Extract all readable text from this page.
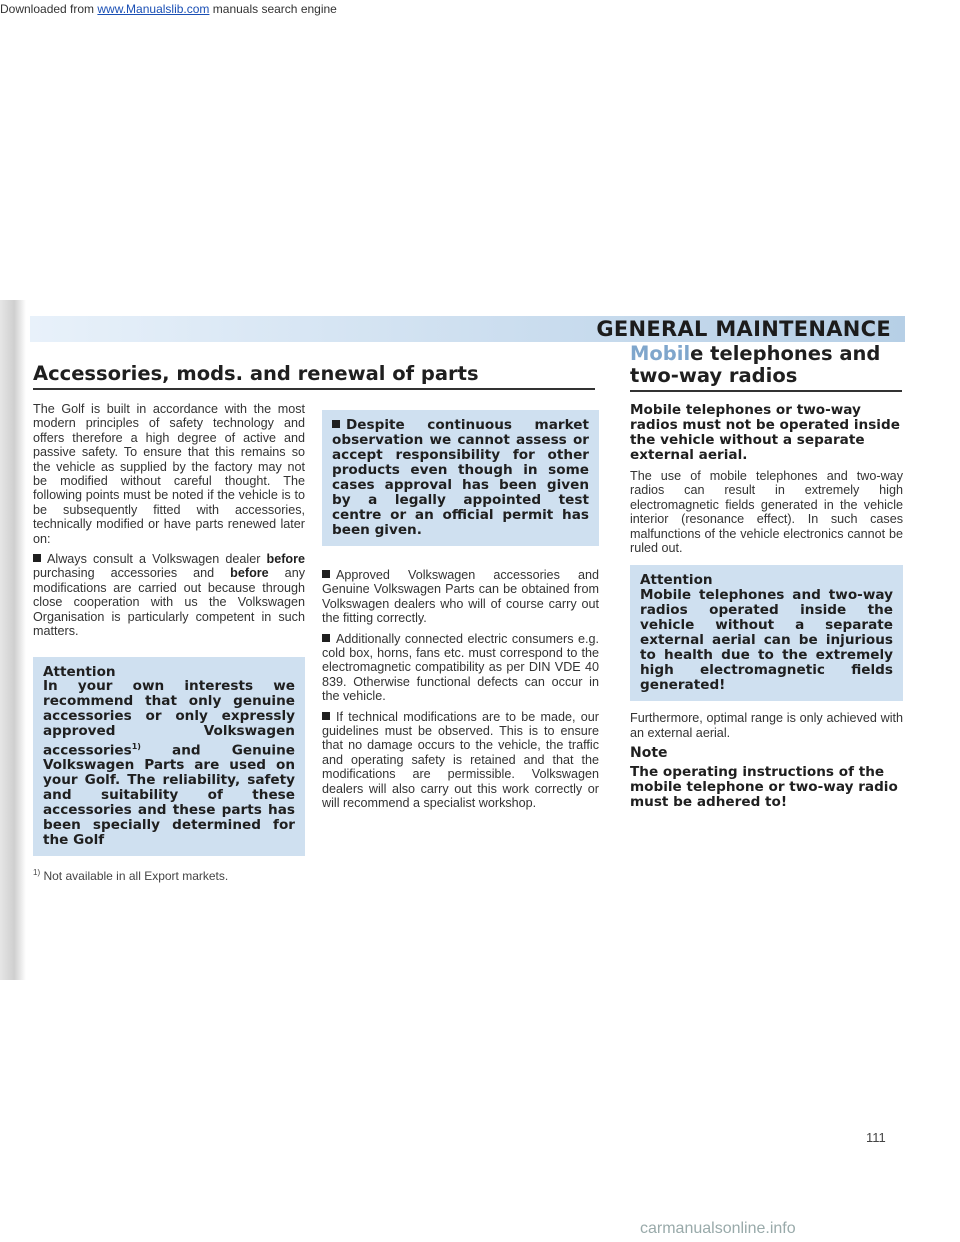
Downloaded from www.Manualslib.com manuals search engine
GENERAL MAINTENANCE
Accessories, mods. and renewal of parts
Mobile telephones and two-way radios

The Golf is built in accordance with the most modern principles of safety technology and offers therefore a high degree of active and passive safety. To ensure that this remains so the vehicle as supplied by the factory may not be modified without careful thought. The following points must be noted if the vehicle is to be subsequently fitted with accessories, technically modified or have parts renewed later on:

Always consult a Volkswagen dealer before purchasing accessories and before any modifications are carried out because through close cooperation with us the Volkswagen Organisation is particularly competent in such matters.

Attention

In your own interests we recommend that only genuine accessories or only expressly approved Volkswagen accessories$^{1)}$ and Genuine Volkswagen Parts are used on your Golf. The reliability, safety and suitability of these accessories and these parts has been specially determined for the Golf

$^{1)}$ Not available in all Export markets.

Despite continuous market observation we cannot assess or accept responsibility for other products even though in some cases approval has been given by a legally appointed test centre or an official permit has been given.

Approved Volkswagen accessories and Genuine Volkswagen Parts can be obtained from Volkswagen dealers who will of course carry out the fitting correctly.

Additionally connected electric consumers e.g. cold box, horns, fans etc. must correspond to the electromagnetic compatibility as per DIN VDE 40 839. Otherwise functional defects can occur in the vehicle.

If technical modifications are to be made, our guidelines must be observed. This is to ensure that no damage occurs to the vehicle, the traffic and operating safety is retained and that the modifications are permissible. Volkswagen dealers will also carry out this work correctly or will recommend a specialist workshop.

Mobile telephones or two-way radios must not be operated inside the vehicle without a separate external aerial.

The use of mobile telephones and two-way radios can result in extremely high electromagnetic fields generated in the vehicle interior (resonance effect). In such cases malfunctions of the vehicle electronics cannot be ruled out.

Attention

Mobile telephones and two-way radios operated inside the vehicle without a separate external aerial can be injurious to health due to the extremely high electromagnetic fields generated!

Furthermore, optimal range is only achieved with an external aerial.

Note
The operating instructions of the mobile telephone or two-way radio must be adhered to!
111
carmanualsonline.info
